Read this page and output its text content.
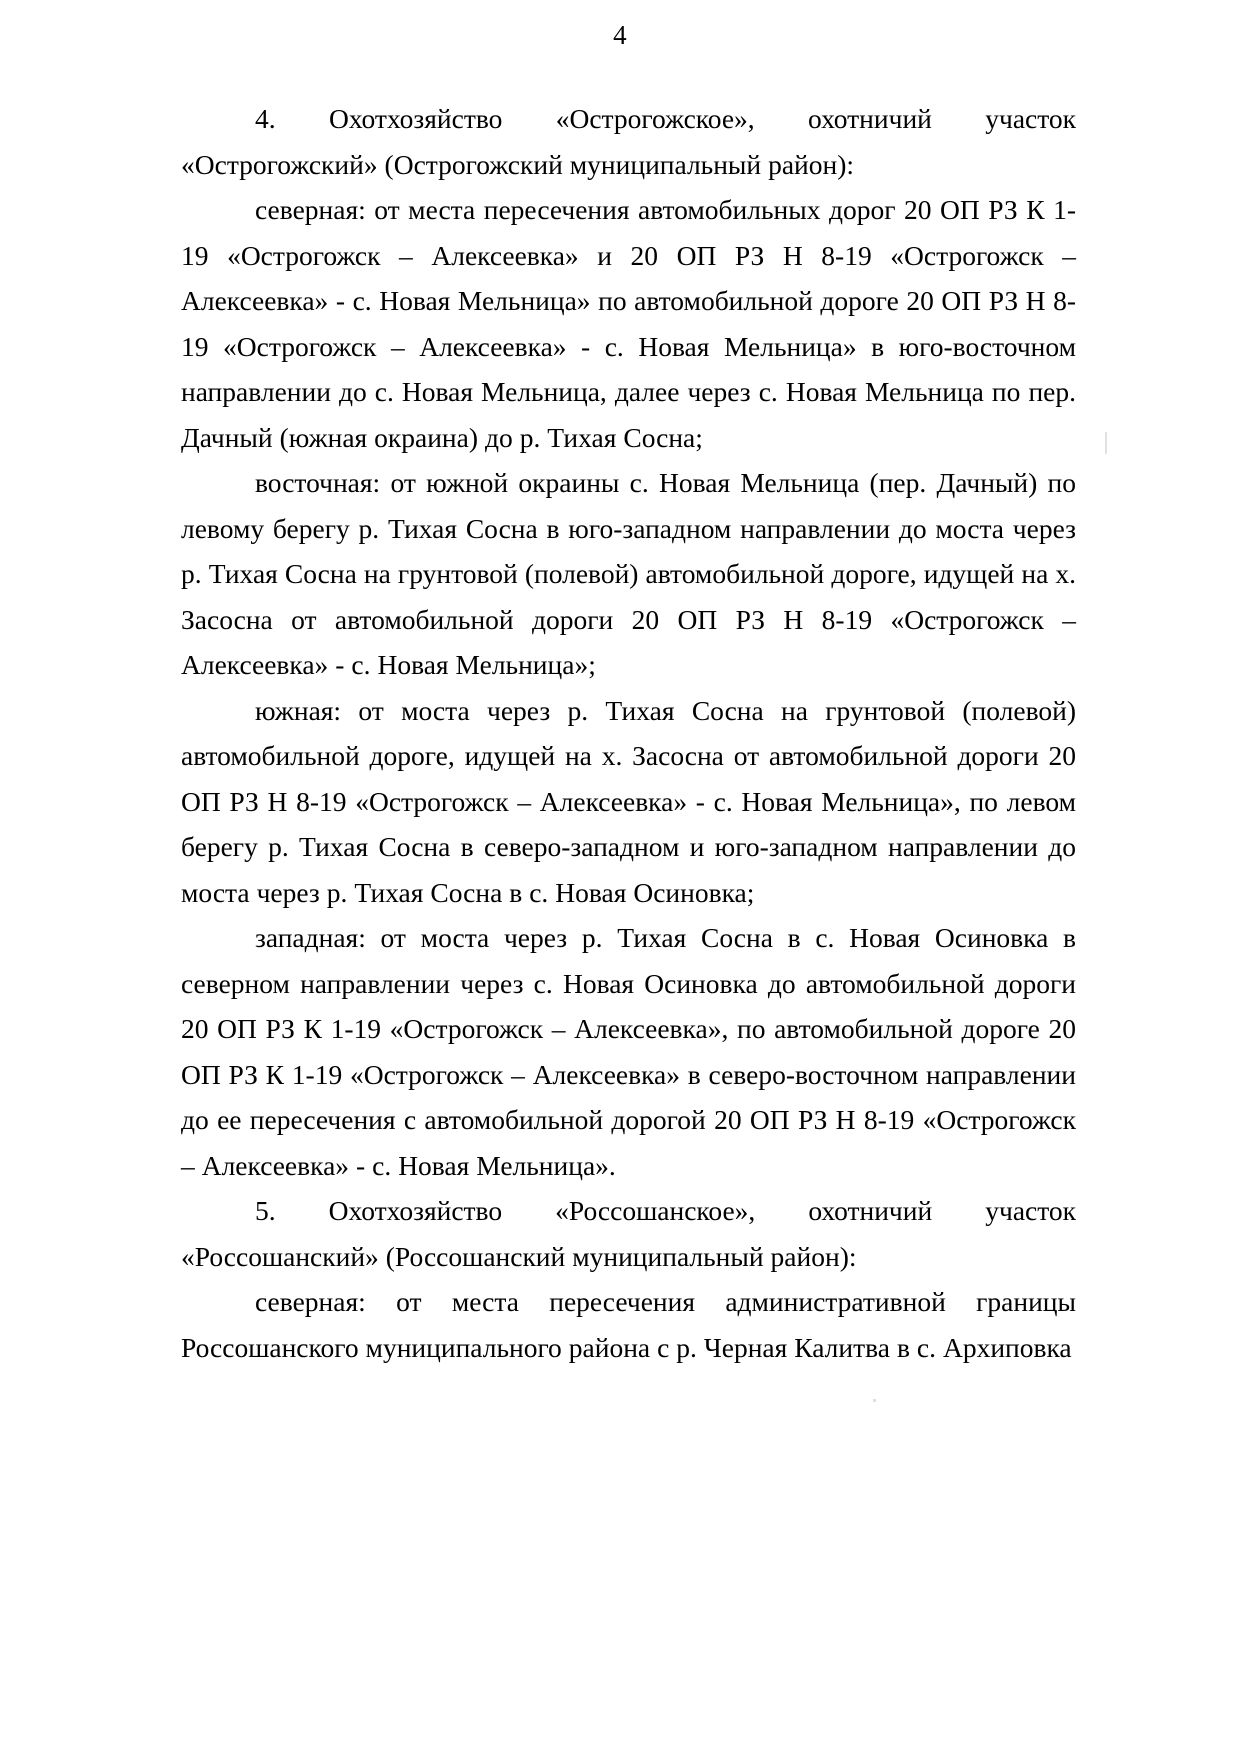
4

4. Охотхозяйство «Острогожское», охотничий участок «Острогожский» (Острогожский муниципальный район):

северная: от места пересечения автомобильных дорог 20 ОП РЗ К 1-19 «Острогожск – Алексеевка» и 20 ОП РЗ Н 8-19 «Острогожск – Алексеевка» - с. Новая Мельница» по автомобильной дороге 20 ОП РЗ Н 8-19 «Острогожск – Алексеевка» - с. Новая Мельница» в юго-восточном направлении до с. Новая Мельница, далее через с. Новая Мельница по пер. Дачный (южная окраина) до р. Тихая Сосна;

восточная: от южной окраины с. Новая Мельница (пер. Дачный) по левому берегу р. Тихая Сосна в юго-западном направлении до моста через р. Тихая Сосна на грунтовой (полевой) автомобильной дороге, идущей на х. Засосна от автомобильной дороги 20 ОП РЗ Н 8-19 «Острогожск – Алексеевка» - с. Новая Мельница»;

южная: от моста через р. Тихая Сосна на грунтовой (полевой) автомобильной дороге, идущей на х. Засосна от автомобильной дороги 20 ОП РЗ Н 8-19 «Острогожск – Алексеевка» - с. Новая Мельница», по левом берегу р. Тихая Сосна в северо-западном и юго-западном направлении до моста через р. Тихая Сосна в с. Новая Осиновка;

западная: от моста через р. Тихая Сосна в с. Новая Осиновка в северном направлении через с. Новая Осиновка до автомобильной дороги 20 ОП РЗ К 1-19 «Острогожск – Алексеевка», по автомобильной дороге 20 ОП РЗ К 1-19 «Острогожск – Алексеевка» в северо-восточном направлении до ее пересечения с автомобильной дорогой 20 ОП РЗ Н 8-19 «Острогожск – Алексеевка» - с. Новая Мельница».

5. Охотхозяйство «Россошанское», охотничий участок «Россошанский» (Россошанский муниципальный район):

северная: от места пересечения административной границы Россошанского муниципального района с р. Черная Калитва в с. Архиповка
